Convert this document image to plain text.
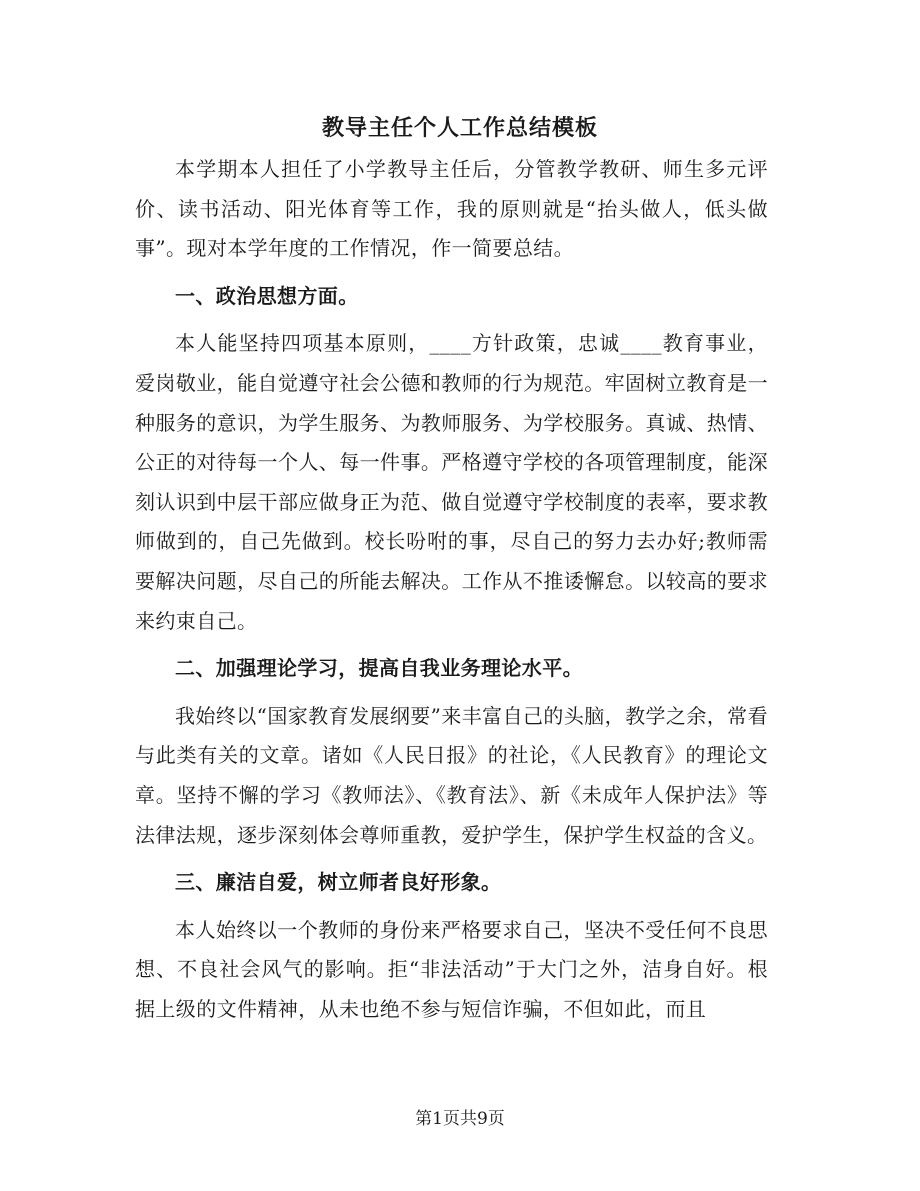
教导主任个人工作总结模板

本学期本人担任了小学教导主任后，分管教学教研、师生多元评价、读书活动、阳光体育等工作，我的原则就是“抬头做人，低头做事”。现对本学年度的工作情况，作一简要总结。

一、政治思想方面。

本人能坚持四项基本原则，____方针政策，忠诚____教育事业，爱岗敬业，能自觉遵守社会公德和教师的行为规范。牢固树立教育是一种服务的意识，为学生服务、为教师服务、为学校服务。真诚、热情、公正的对待每一个人、每一件事。严格遵守学校的各项管理制度，能深刻认识到中层干部应做身正为范、做自觉遵守学校制度的表率，要求教师做到的，自己先做到。校长吩咐的事，尽自己的努力去办好;教师需要解决问题，尽自己的所能去解决。工作从不推诿懈怠。以较高的要求来约束自己。

二、加强理论学习，提高自我业务理论水平。

我始终以“国家教育发展纲要”来丰富自己的头脑，教学之余，常看与此类有关的文章。诸如《人民日报》的社论，《人民教育》的理论文章。坚持不懈的学习《教师法》、《教育法》、新《未成年人保护法》等法律法规，逐步深刻体会尊师重教，爱护学生，保护学生权益的含义。

三、廉洁自爱，树立师者良好形象。

本人始终以一个教师的身份来严格要求自己，坚决不受任何不良思想、不良社会风气的影响。拒“非法活动”于大门之外，洁身自好。根据上级的文件精神，从未也绝不参与短信诈骗，不但如此，而且

第1页共9页
